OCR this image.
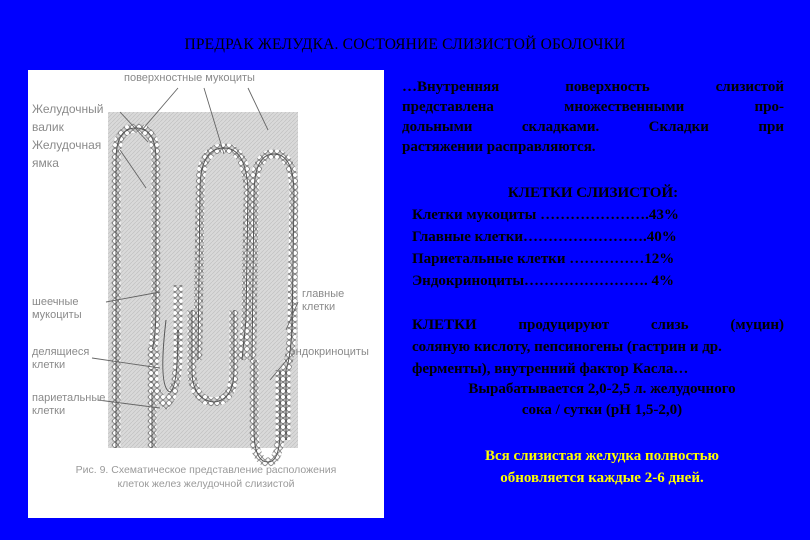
ПРЕДРАК ЖЕЛУДКА. СОСТОЯНИЕ СЛИЗИСТОЙ ОБОЛОЧКИ
поверхностные мукоциты
Желудочный
валик
Желудочная
ямка
шеечные
мукоциты
делящиеся
клетки
париетальные
клетки
главные
клетки
эндокриноциты
Рис. 9. Схематическое представление расположения
клеток желез желудочной слизистой
…Внутренняя поверхность слизистой
представлена множественными про-
дольными складками. Складки при
растяжении расправляются.
КЛЕТКИ СЛИЗИСТОЙ:
Клетки мукоциты ………………….43%
Главные клетки…………………….40%
Париетальные клетки ……………12%
Эндокриноциты……………………. 4%
КЛЕТКИ продуцируют слизь (муцин)
соляную кислоту, пепсиногены (гастрин и др.
ферменты), внутренний фактор Касла…
Вырабатывается 2,0-2,5 л. желудочного
сока / сутки (рН 1,5-2,0)
Вся слизистая желудка полностью
обновляется каждые 2-6 дней.
